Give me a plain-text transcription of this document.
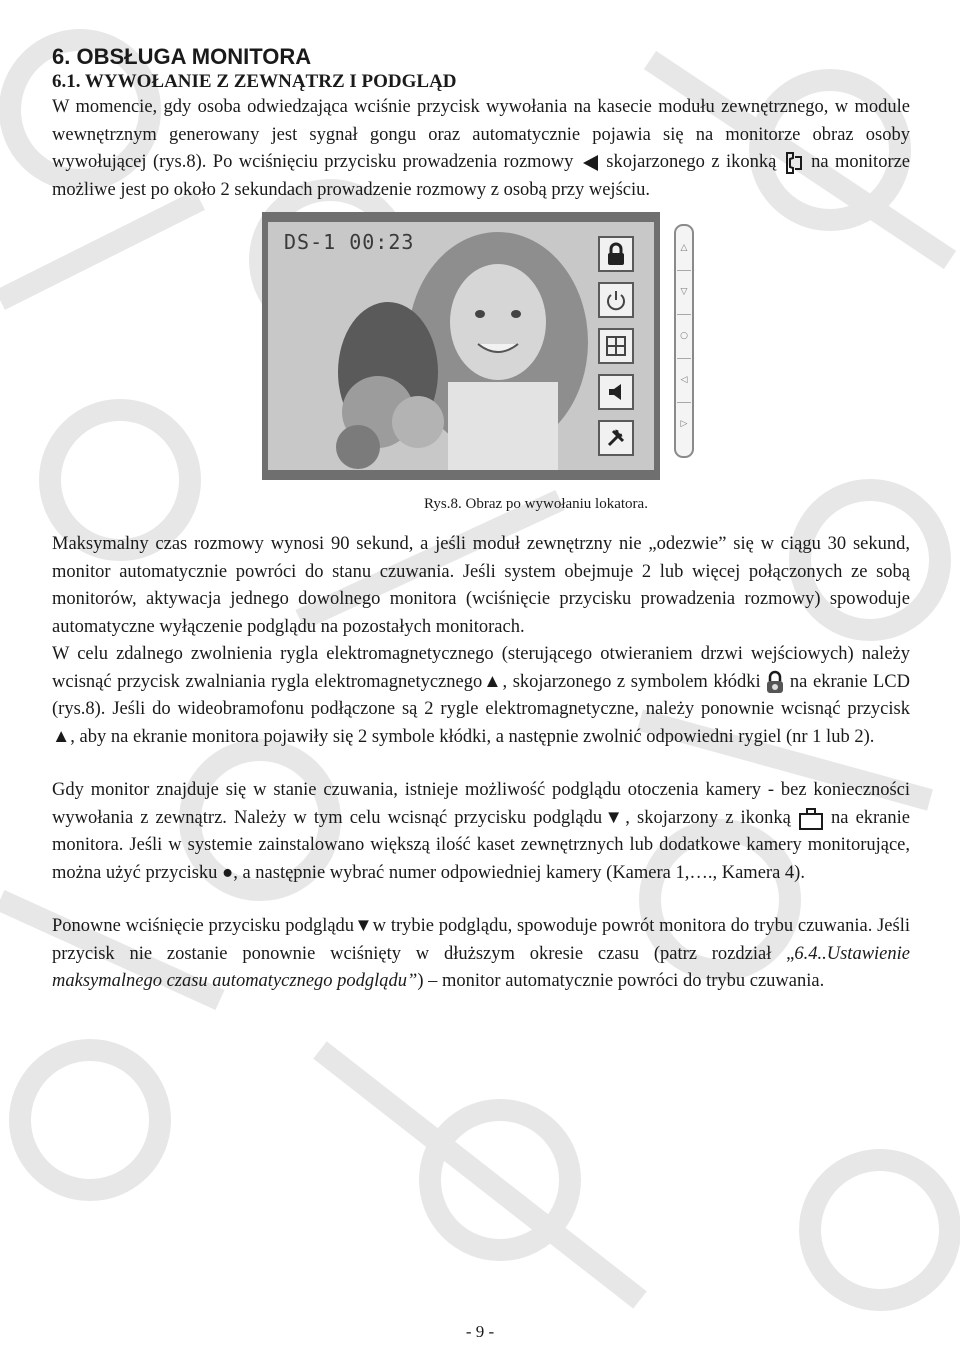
6. OBSŁUGA MONITORA
6.1. WYWOŁANIE Z ZEWNĄTRZ I PODGLĄD

W momencie, gdy osoba odwiedzająca wciśnie przycisk wywołania na kasecie modułu zewnętrznego, w module wewnętrznym generowany jest sygnał gongu oraz automatycznie pojawia się na monitorze obraz osoby wywołującej (rys.8). Po wciśnięciu przycisku prowadzenia rozmowy skojarzonego z ikonką na monitorze możliwe jest po około 2 sekundach prowadzenie rozmowy z osobą przy wejściu.

DS-1 00:23	△
▽
○
◁
▷
Rys.8. Obraz po wywołaniu lokatora.

Maksymalny czas rozmowy wynosi 90 sekund, a jeśli moduł zewnętrzny nie „odezwie” się w ciągu 30 sekund, monitor automatycznie powróci do stanu czuwania. Jeśli system obejmuje 2 lub więcej połączonych ze sobą monitorów, aktywacja jednego dowolnego monitora (wciśnięcie przycisku prowadzenia rozmowy) spowoduje automatyczne wyłączenie podglądu na pozostałych monitorach.

W celu zdalnego zwolnienia rygla elektromagnetycznego (sterującego otwieraniem drzwi wejściowych) należy wcisnąć przycisk zwalniania rygla elektromagnetycznego▲, skojarzonego z symbolem kłódki na ekranie LCD (rys.8). Jeśli do wideobramofonu podłączone są 2 rygle elektromagnetyczne, należy ponownie wcisnąć przycisk ▲, aby na ekranie monitora pojawiły się 2 symbole kłódki, a następnie zwolnić odpowiedni rygiel (nr 1 lub 2).

Gdy monitor znajduje się w stanie czuwania, istnieje możliwość podglądu otoczenia kamery - bez konieczności wywołania z zewnątrz. Należy w tym celu wcisnąć przycisku podglądu▼, skojarzony z ikonką na ekranie monitora. Jeśli w systemie zainstalowano większą ilość kaset zewnętrznych lub dodatkowe kamery monitorujące, można użyć przycisku ●, a następnie wybrać numer odpowiedniej kamery (Kamera 1,…., Kamera 4).

Ponowne wciśnięcie przycisku podglądu▼w trybie podglądu, spowoduje powrót monitora do trybu czuwania. Jeśli przycisk nie zostanie ponownie wciśnięty w dłuższym okresie czasu (patrz rozdział „6.4..Ustawienie maksymalnego czasu automatycznego podglądu”) – monitor automatycznie powróci do trybu czuwania.

- 9 -
